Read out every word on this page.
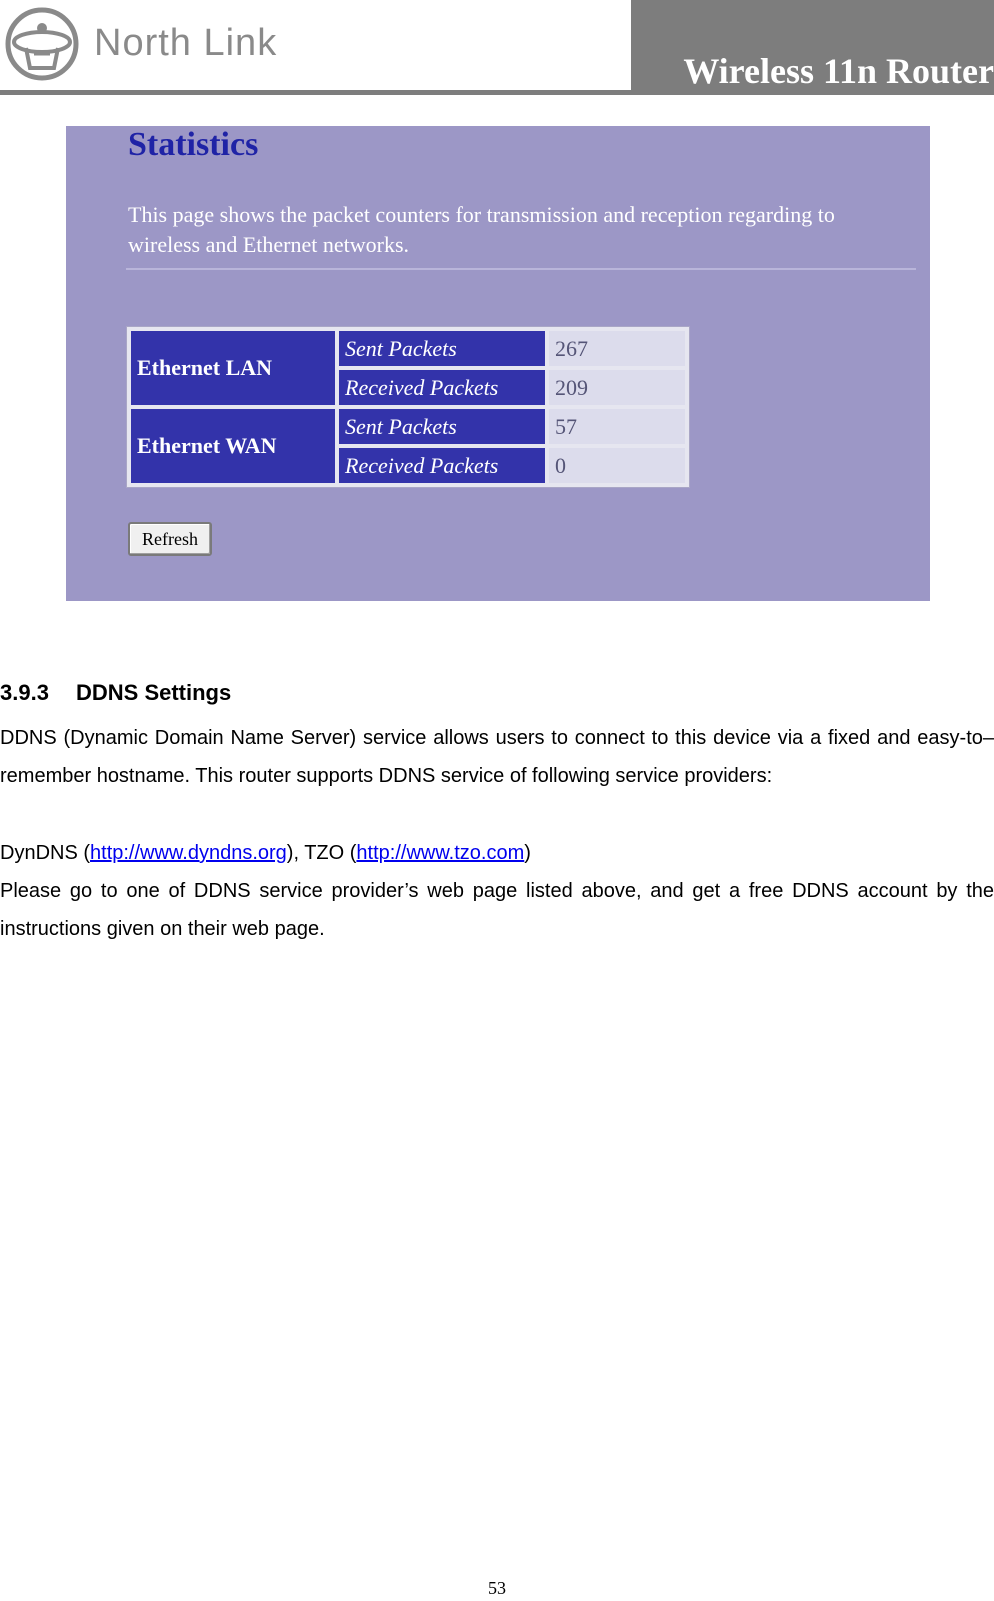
North Link
Wireless 11n Router
Statistics
This page shows the packet counters for transmission and reception regarding to wireless and Ethernet networks.
Ethernet LAN	Sent Packets	267
	Received Packets	209
Ethernet WAN	Sent Packets	57
	Received Packets	0
Refresh
3.9.3 DDNS Settings
DDNS (Dynamic Domain Name Server) service allows users to connect to this device via a fixed and easy-to–remember hostname. This router supports DDNS service of following service providers:
DynDNS (http://www.dyndns.org), TZO (http://www.tzo.com)
Please go to one of DDNS service provider’s web page listed above, and get a free DDNS account by the instructions given on their web page.
53
